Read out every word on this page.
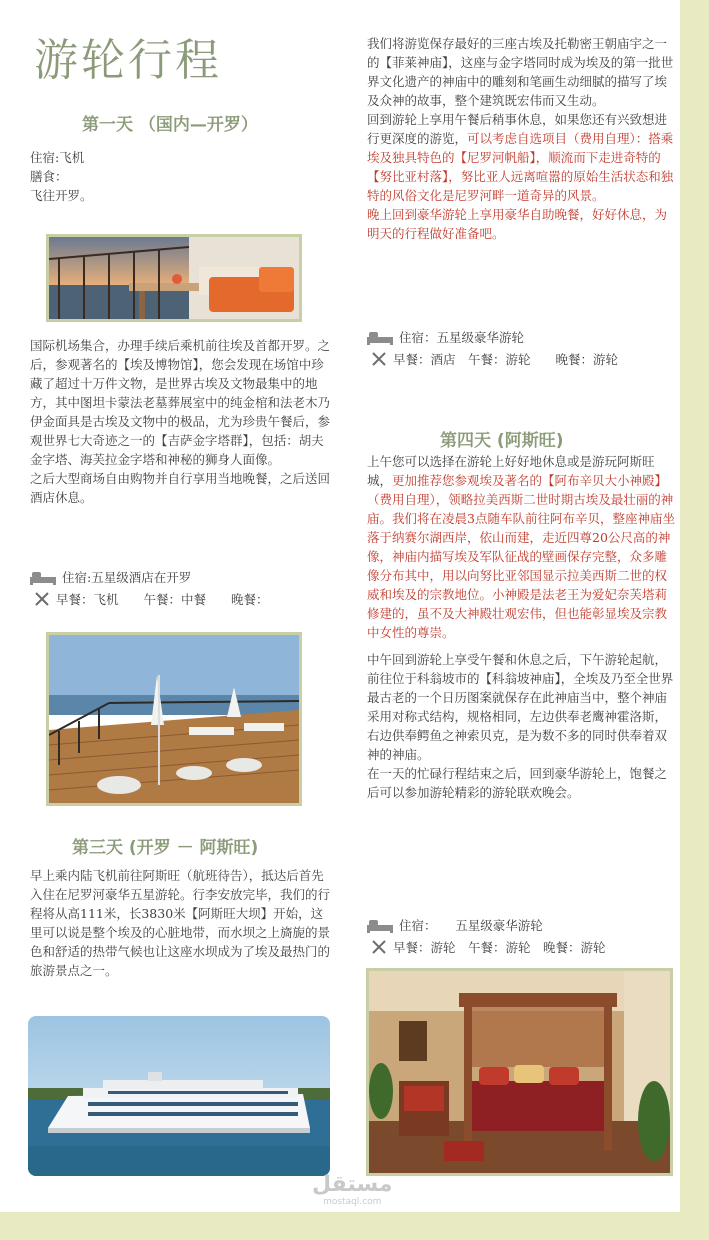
游轮行程
第一天 （国内—开罗）

住宿:飞机

膳食：

飞往开罗。

国际机场集合，办理手续后乘机前往埃及首都开罗。之后，参观著名的【埃及博物馆】，您会发现在场馆中珍藏了超过十万件文物，是世界古埃及文物最集中的地方，其中图坦卡蒙法老墓葬展室中的纯金棺和法老木乃伊金面具是古埃及文物中的极品，尤为珍贵午餐后，参观世界七大奇迹之一的【吉萨金字塔群】，包括：胡夫金字塔、海芙拉金字塔和神秘的狮身人面像。

之后大型商场自由购物并自行享用当地晚餐，之后送回酒店休息。

住宿:五星级酒店在开罗
早餐：飞机　　午餐：中餐　　晚餐：
第三天 (开罗 － 阿斯旺)

早上乘内陆飞机前往阿斯旺（航班待告），抵达后首先入住在尼罗河豪华五星游轮。行李安放完毕，我们的行程将从高111米，长3830米【阿斯旺大坝】开始，这里可以说是整个埃及的心脏地带，而水坝之上旖旎的景色和舒适的热带气候也让这座水坝成为了埃及最热门的旅游景点之一。

我们将游览保存最好的三座古埃及托勒密王朝庙宇之一的【菲莱神庙】，这座与金字塔同时成为埃及的第一批世界文化遗产的神庙中的雕刻和笔画生动细腻的描写了埃及众神的故事，整个建筑既宏伟而又生动。

回到游轮上享用午餐后稍事休息，如果您还有兴致想进行更深度的游览，可以考虑自选项目（费用自理）：搭乘埃及独具特色的【尼罗河帆船】，顺流而下走进奇特的【努比亚村落】，努比亚人远离喧嚣的原始生活状态和独特的风俗文化是尼罗河畔一道奇异的风景。

晚上回到豪华游轮上享用豪华自助晚餐，好好休息，为明天的行程做好准备吧。

住宿：五星级豪华游轮
早餐：酒店　午餐：游轮　　晚餐：游轮
第四天 (阿斯旺)

上午您可以选择在游轮上好好地休息或是游玩阿斯旺城，更加推荐您参观埃及著名的【阿布辛贝大小神殿】（费用自理），领略拉美西斯二世时期古埃及最壮丽的神庙。我们将在凌晨3点随车队前往阿布辛贝，整座神庙坐落于纳赛尔湖西岸，依山而建，走近四尊20公尺高的神像，神庙内描写埃及军队征战的壁画保存完整，众多雕像分布其中，用以向努比亚邻国显示拉美西斯二世的权威和埃及的宗教地位。小神殿是法老王为爱妃奈芙塔莉修建的，虽不及大神殿壮观宏伟，但也能彰显埃及宗教中女性的尊崇。

中午回到游轮上享受午餐和休息之后，下午游轮起航，前往位于科翁坡市的【科翁坡神庙】，全埃及乃至全世界最古老的一个日历图案就保存在此神庙当中，整个神庙采用对称式结构，规格相同，左边供奉老鹰神霍洛斯，右边供奉鳄鱼之神索贝克，是为数不多的同时供奉着双神的神庙。

在一天的忙碌行程结束之后，回到豪华游轮上，饱餐之后可以参加游轮精彩的游轮联欢晚会。

住宿：　　五星级豪华游轮
早餐：游轮　午餐：游轮　晚餐：游轮
مستقل
mostaql.com
